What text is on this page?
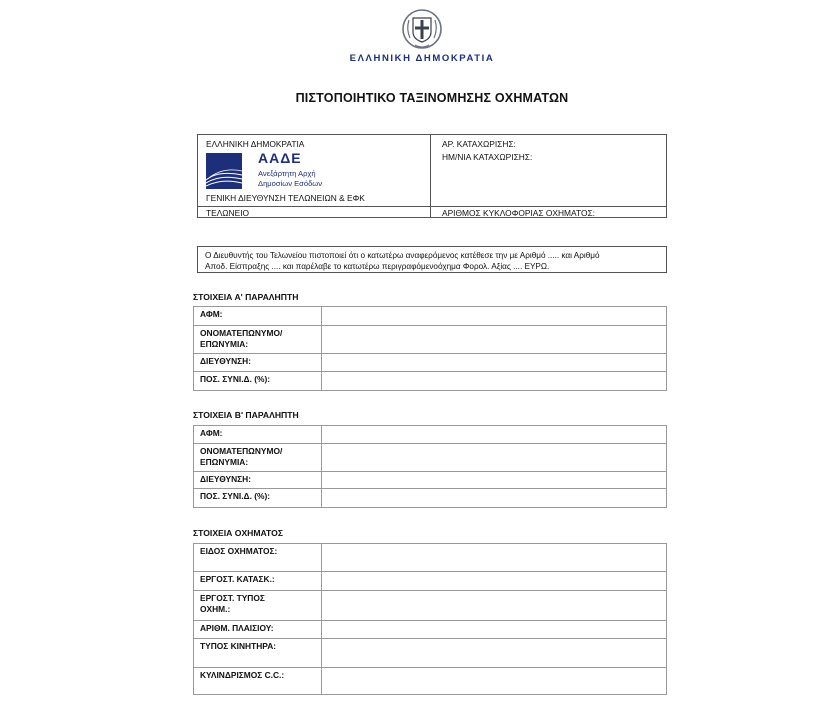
ΕΛΛΗΝΙΚΗ ΔΗΜΟΚΡΑΤΙΑ
ΠΙΣΤΟΠΟΙΗΤΙΚΟ ΤΑΞΙΝΟΜΗΣΗΣ ΟΧΗΜΑΤΩΝ
ΕΛΛΗΝΙΚΗ ΔΗΜΟΚΡΑΤΙΑ
ΑΑΔΕ
Ανεξάρτητη Αρχή
Δημοσίων Εσόδων
ΓΕΝΙΚΗ ΔΙΕΥΘΥΝΣΗ ΤΕΛΩΝΕΙΩΝ & ΕΦΚ
ΤΕΛΩΝΕΙΟ
ΑΡ. ΚΑΤΑΧΩΡΙΣΗΣ:
ΗΜ/ΝΙΑ ΚΑΤΑΧΩΡΙΣΗΣ:
ΑΡΙΘΜΟΣ ΚΥΚΛΟΦΟΡΙΑΣ ΟΧΗΜΑΤΟΣ:
Ο Διευθυντής του Τελωνείου πιστοποιεί ότι ο κατωτέρω αναφερόμενος κατέθεσε την με Αριθμό ..... και Αριθμό
Αποδ. Είσπραξης .... και παρέλαβε το κατωτέρω περιγραφόμενοόχημα Φορολ. Αξίας .... ΕΥΡΩ.
ΣΤΟΙΧΕΙΑ Α' ΠΑΡΑΛΗΠΤΗ
ΑΦΜ:	
ΟΝΟΜΑΤΕΠΩΝΥΜΟ/
ΕΠΩΝΥΜΙΑ:	
ΔΙΕΥΘΥΝΣΗ:	
ΠΟΣ. ΣΥΝΙ.Δ. (%):	
ΣΤΟΙΧΕΙΑ Β' ΠΑΡΑΛΗΠΤΗ
ΑΦΜ:	
ΟΝΟΜΑΤΕΠΩΝΥΜΟ/
ΕΠΩΝΥΜΙΑ:	
ΔΙΕΥΘΥΝΣΗ:	
ΠΟΣ. ΣΥΝΙ.Δ. (%):	
ΣΤΟΙΧΕΙΑ ΟΧΗΜΑΤΟΣ
ΕΙΔΟΣ ΟΧΗΜΑΤΟΣ:	
ΕΡΓΟΣΤ. ΚΑΤΑΣΚ.:	
ΕΡΓΟΣΤ. ΤΥΠΟΣ
ΟΧΗΜ.:	
ΑΡΙΘΜ. ΠΛΑΙΣΙΟΥ:	
ΤΥΠΟΣ ΚΙΝΗΤΗΡΑ:	
ΚΥΛΙΝΔΡΙΣΜΟΣ C.C.:	
